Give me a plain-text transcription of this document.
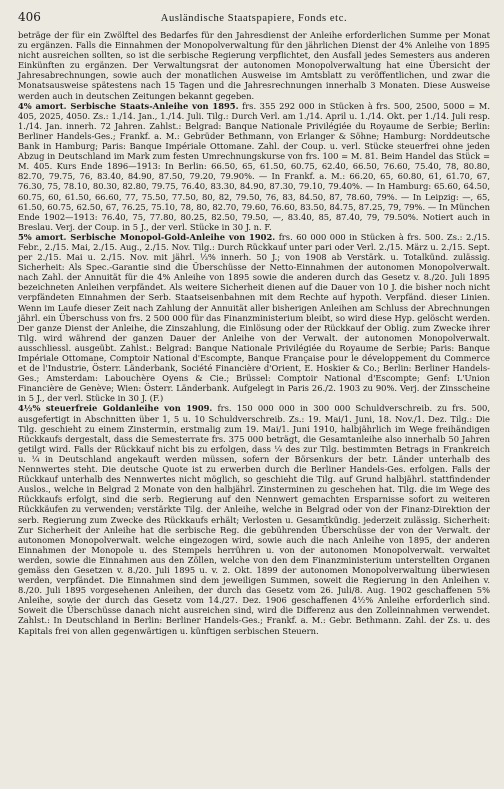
406	Ausländische Staatspapiere, Fonds etc.

beträge der für ein Zwölftel des Bedarfes für den Jahresdienst der Anleihe erforderlichen Summe per Monat zu ergänzen. Falls die Einnahmen der Monopolverwaltung für den jährlichen Dienst der 4% Anleihe von 1895 nicht ausreichen sollten, so ist die serbische Regierung verpflichtet, den Ausfall jedes Semesters aus anderen Einkünften zu ergänzen. Der Verwaltungsrat der autonomen Monopolverwaltung hat eine Übersicht der Jahresabrechnungen, sowie auch der monatlichen Ausweise im Amtsblatt zu veröffentlichen, und zwar die Monatsausweise spätestens nach 15 Tagen und die Jahresrechnungen innerhalb 3 Monaten. Diese Ausweise werden auch in deutschen Zeitungen bekannt gegeben.

4% amort. Serbische Staats-Anleihe von 1895. frs. 355 292 000 in Stücken à frs. 500, 2500, 5000 = M. 405, 2025, 4050. Zs.: 1./14. Jan., 1./14. Juli. Tilg.: Durch Verl. am 1./14. April u. 1./14. Okt. per 1./14. Juli resp. 1./14. Jan. innerh. 72 Jahren. Zahlst.: Belgrad: Banque Nationale Privilégiée du Royaume de Serbie; Berlin: Berliner Handels-Ges.; Frankf. a. M.: Gebrüder Bethmann, von Erlanger & Söhne; Hamburg: Norddeutsche Bank in Hamburg; Paris: Banque Impériale Ottomane. Zahl. der Coup. u. verl. Stücke steuerfrei ohne jeden Abzug in Deutschland im Mark zum festen Umrechnungskurse von frs. 100 = M. 81. Beim Handel das Stück = M. 405. Kurs Ende 1896—1913: In Berlin: 66.50, 65, 61.50, 60.75, 62.40, 66.50, 76.60, 75.40, 78, 80.80, 82.70, 79.75, 76, 83.40, 84.90, 87.50, 79.20, 79.90%. — In Frankf. a. M.: 66.20, 65, 60.80, 61, 61.70, 67, 76.30, 75, 78.10, 80.30, 82.80, 79.75, 76.40, 83.30, 84.90, 87.30, 79.10, 79.40%. — In Hamburg: 65.60, 64.50, 60.75, 60, 61.50, 66.60, 77, 75.50, 77.50, 80, 82, 79.50, 76, 83, 84.50, 87, 78.60, 79%. — In Leipzig: —, 65, 61.50, 60.75, 62.50, 67, 76.25, 75.10, 78, 80, 82.70, 79.60, 76.60, 83.50, 84.75, 87.25, 79, 79%. — In München Ende 1902—1913: 76.40, 75, 77.80, 80.25, 82.50, 79.50, —, 83.40, 85, 87.40, 79, 79.50%. Notiert auch in Breslau. Verj. der Coup. in 5 J., der verl. Stücke in 30 J. n. F.

5% amort. Serbische Monopol-Gold-Anleihe von 1902. frs. 60 000 000 in Stücken à frs. 500. Zs.: 2./15. Febr., 2./15. Mai, 2./15. Aug., 2./15. Nov. Tilg.: Durch Rückkauf unter pari oder Verl. 2./15. März u. 2./15. Sept. per 2./15. Mai u. 2./15. Nov. mit jährl. ⅓% innerh. 50 J.; von 1908 ab Verstärk. u. Totalkünd. zulässig. Sicherheit: Als Spec.-Garantie sind die Überschüsse der Netto-Einnahmen der autonomen Monopolverwalt. nach Zahl. der Annuität für die 4% Anleihe von 1895 sowie die anderen durch das Gesetz v. 8./20. Juli 1895 bezeichneten Anleihen verpfändet. Als weitere Sicherheit dienen auf die Dauer von 10 J. die bisher noch nicht verpfändeten Einnahmen der Serb. Staatseisenbahnen mit dem Rechte auf hypoth. Verpfänd. dieser Linien. Wenn im Laufe dieser Zeit nach Zahlung der Annuität aller bisherigen Anleihen am Schluss der Abrechnungen jährl. ein Überschuss von frs. 2 500 000 für das Finanzministerium bleibt, so wird diese Hyp. gelöscht werden. Der ganze Dienst der Anleihe, die Zinszahlung, die Einlösung oder der Rückkauf der Oblig. zum Zwecke ihrer Tilg. wird während der ganzen Dauer der Anleihe von der Verwalt. der autonomen Monopolverwalt. ausschliessl. ausgeübt. Zahlst.: Belgrad: Banque Nationale Privilégiée du Royaume de Serbie; Paris: Banque Impériale Ottomane, Comptoir National d'Escompte, Banque Française pour le développement du Commerce et de l'Industrie, Österr. Länderbank, Société Financière d'Orient, E. Hoskier & Co.; Berlin: Berliner Handels-Ges.; Amsterdam: Labouchère Oyens & Cie.; Brüssel: Comptoir National d'Escompte; Genf: L'Union Financière de Genève; Wien: Österr. Länderbank. Aufgelegt in Paris 26./2. 1903 zu 90%. Verj. der Zinsscheine in 5 J., der verl. Stücke in 30 J. (F.)

4½% steuerfreie Goldanleihe von 1909. frs. 150 000 000 in 300 000 Schuldverschreib. zu frs. 500, ausgefertigt in Abschnitten über 1, 5 u. 10 Schuldverschreib. Zs.: 19. Mai/1. Juni, 18. Nov./1. Dez. Tilg.: Die Tilg. geschieht zu einem Zinstermin, erstmalig zum 19. Mai/1. Juni 1910, halbjährlich im Wege freihändigen Rückkaufs dergestalt, dass die Semesterrate frs. 375 000 beträgt, die Gesamtanleihe also innerhalb 50 Jahren getilgt wird. Falls der Rückkauf nicht bis zu erfolgen, dass ¼ des zur Tilg. bestimmten Betrags in Frankreich u. ¼ in Deutschland angekauft werden müssen, sofern der Börsenkurs der betr. Länder unterhalb des Nennwertes steht. Die deutsche Quote ist zu erwerben durch die Berliner Handels-Ges. erfolgen. Falls der Rückkauf unterhalb des Nennwertes nicht möglich, so geschieht die Tilg. auf Grund halbjährl. stattfindender Auslos., welche in Belgrad 2 Monate von den halbjährl. Zinsterminen zu geschehen hat. Tilg. die im Wege des Rückkaufs erfolgt, sind die serb. Regierung auf den Nennwert gemachten Ersparnisse sofort zu weiteren Rückkäufen zu verwenden; verstärkte Tilg. der Anleihe, welche in Belgrad oder von der Finanz-Direktion der serb. Regierung zum Zwecke des Rückkaufs erhält; Verlosten u. Gesamtkündig. jederzeit zulässig. Sicherheit: Zur Sicherheit der Anleihe hat die serbische Reg. die gebührenden Überschüsse der von der Verwalt. der autonomen Monopolverwalt. welche eingezogen wird, sowie auch die nach Anleihe von 1895, der anderen Einnahmen der Monopole u. des Stempels herrühren u. von der autonomen Monopolverwalt. verwaltet werden, sowie die Einnahmen aus den Zöllen, welche von den dem Finanzministerium unterstellten Organen gemäss den Gesetzen v. 8./20. Juli 1895 u. v. 2. Okt. 1899 der autonomen Monopolverwaltung überwiesen werden, verpfändet. Die Einnahmen sind dem jeweiligen Summen, soweit die Regierung in den Anleihen v. 8./20. Juli 1895 vorgesehenen Anleihen, der durch das Gesetz vom 26. Juli/8. Aug. 1902 geschaffenen 5% Anleihe, sowie der durch das Gesetz vom 14./27. Dez. 1906 geschaffenen 4½% Anleihe erforderlich sind. Soweit die Überschüsse danach nicht ausreichen sind, wird die Differenz aus den Zolleinnahmen verwendet. Zahlst.: In Deutschland in Berlin: Berliner Handels-Ges.; Frankf. a. M.: Gebr. Bethmann. Zahl. der Zs. u. des Kapitals frei von allen gegenwärtigen u. künftigen serbischen Steuern.
